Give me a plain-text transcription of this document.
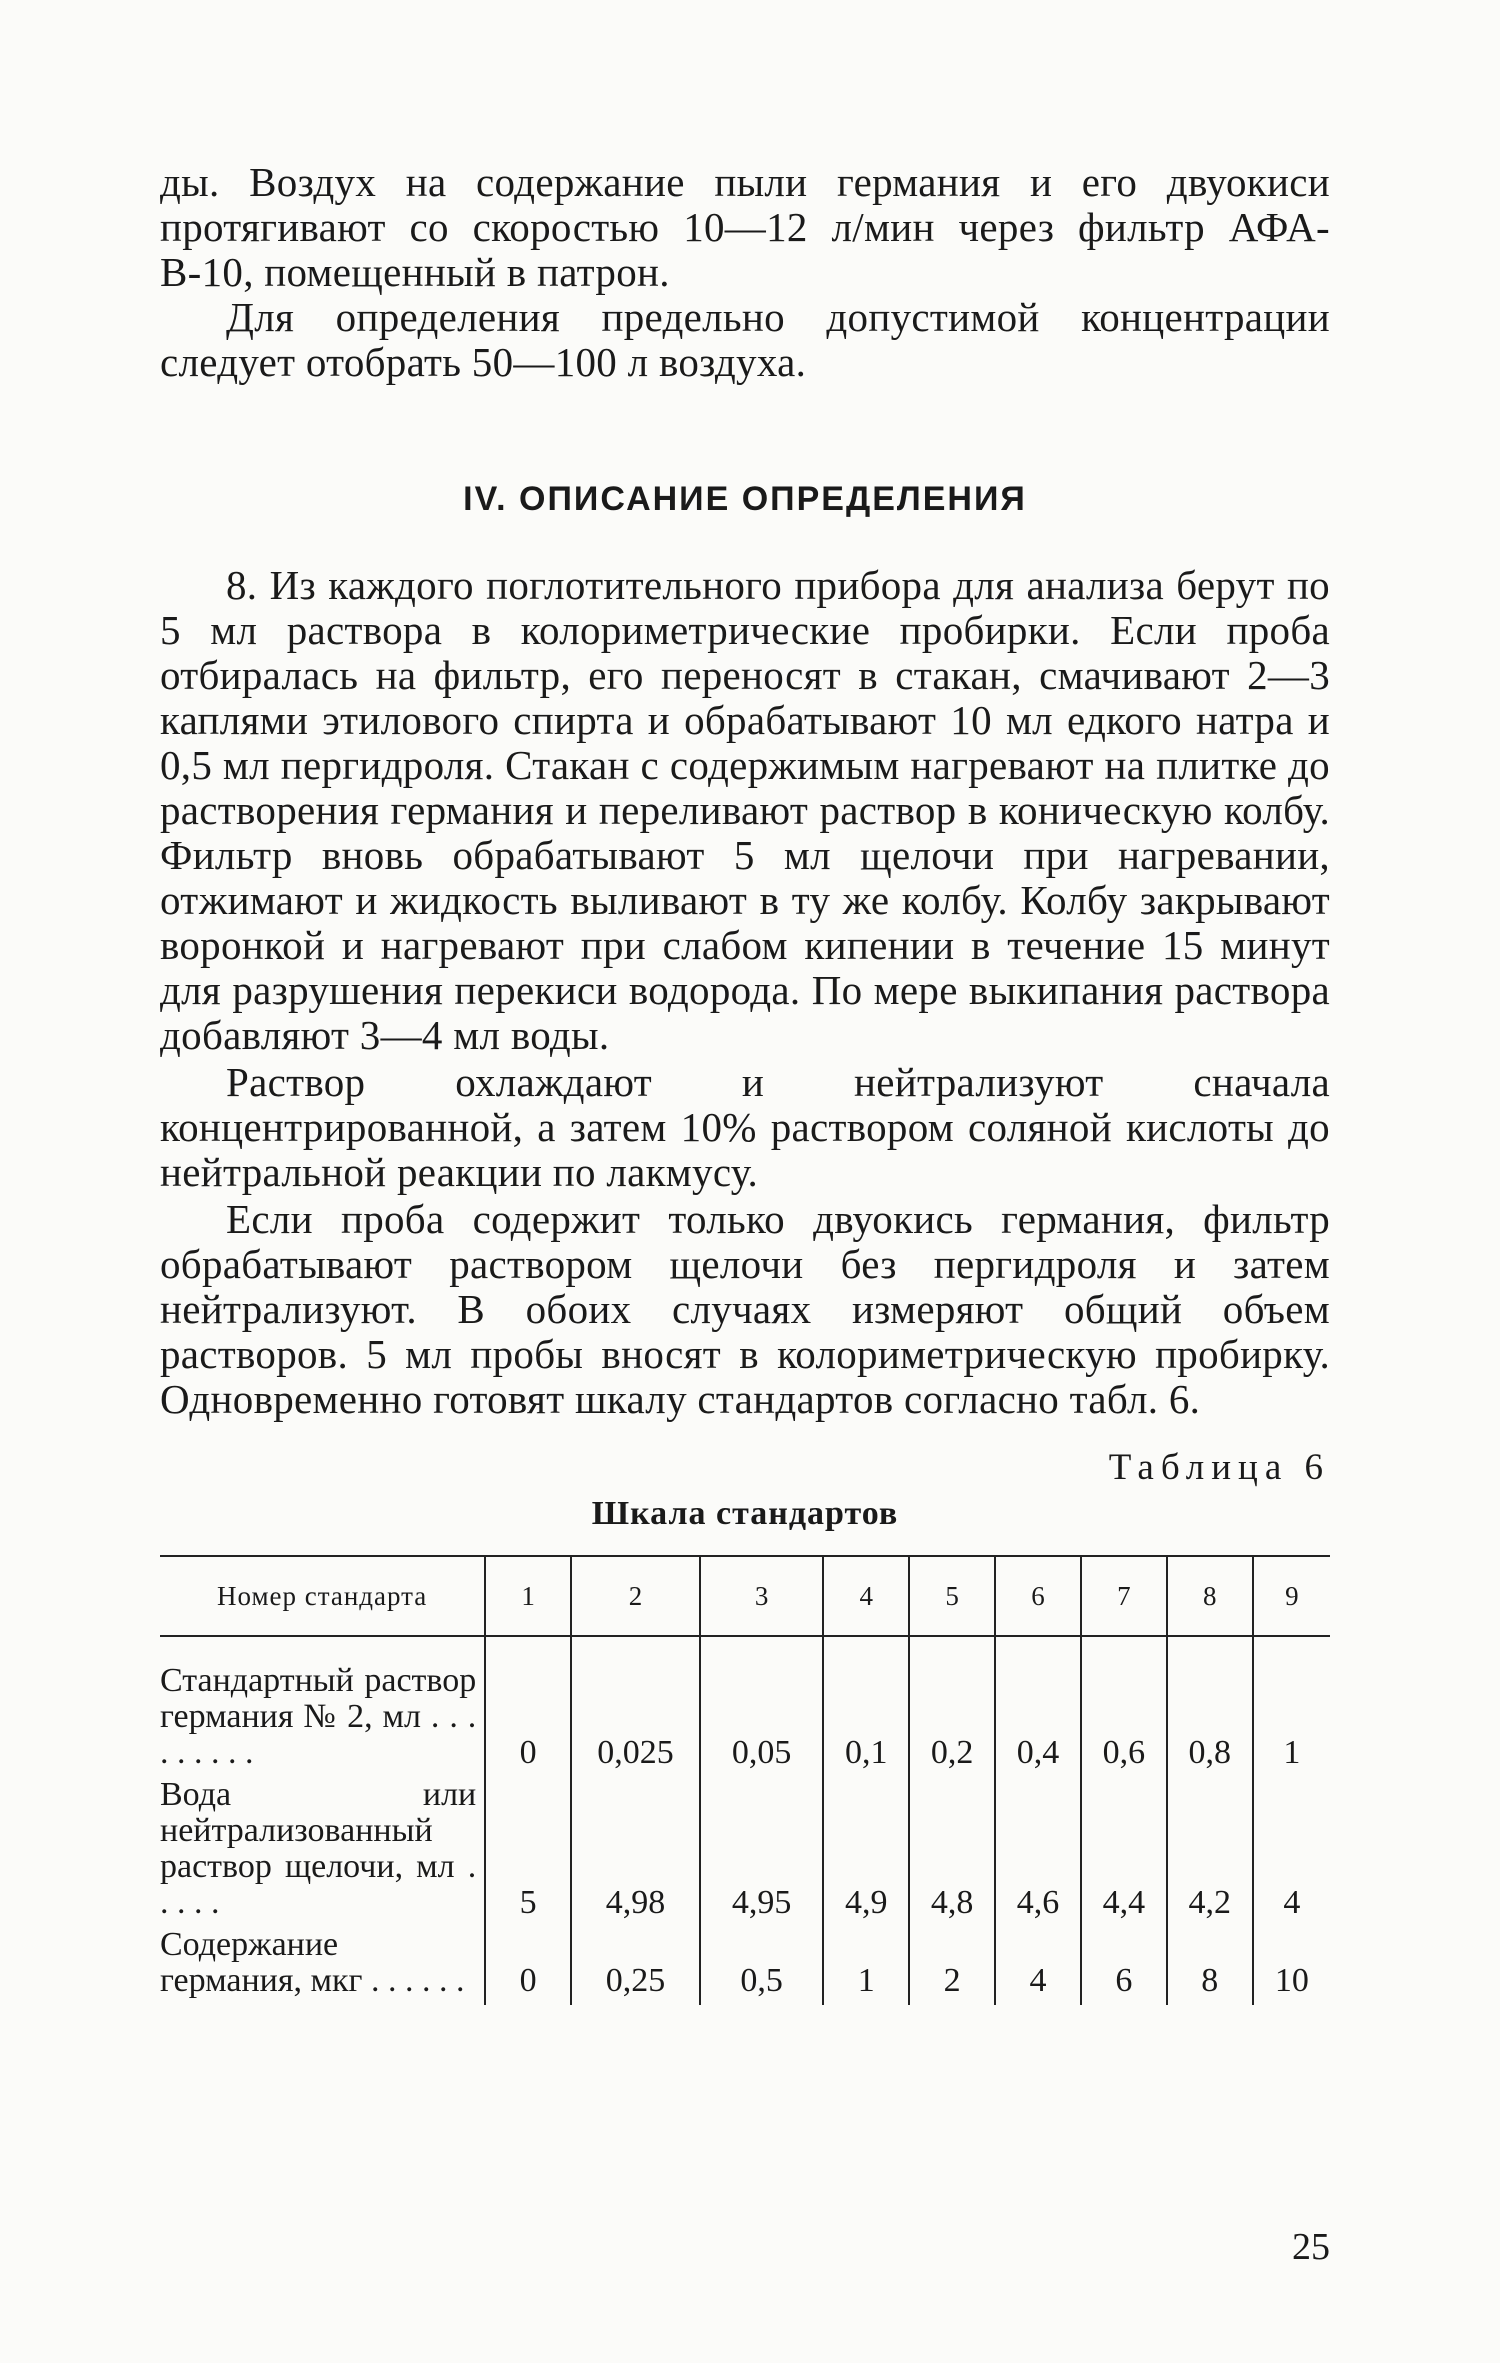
ды. Воздух на содержание пыли германия и его двуокиси протягивают со скоростью 10—12 л/мин через фильтр АФА-В-10, помещенный в патрон.

Для определения предельно допустимой концентрации следует отобрать 50—100 л воздуха.

IV. ОПИСАНИЕ ОПРЕДЕЛЕНИЯ

8. Из каждого поглотительного прибора для анализа берут по 5 мл раствора в колориметрические пробирки. Если проба отбиралась на фильтр, его переносят в стакан, смачивают 2—3 каплями этилового спирта и обрабатывают 10 мл едкого натра и 0,5 мл пергидроля. Стакан с содержимым нагревают на плитке до растворения германия и переливают раствор в коническую колбу. Фильтр вновь обрабатывают 5 мл щелочи при нагревании, отжимают и жидкость выливают в ту же колбу. Колбу закрывают воронкой и нагревают при слабом кипении в течение 15 минут для разрушения перекиси водорода. По мере выкипания раствора добавляют 3—4 мл воды.

Раствор охлаждают и нейтрализуют сначала концентрированной, а затем 10% раствором соляной кислоты до нейтральной реакции по лакмусу.

Если проба содержит только двуокись германия, фильтр обрабатывают раствором щелочи без пергидроля и затем нейтрализуют. В обоих случаях измеряют общий объем растворов. 5 мл пробы вносят в колориметрическую пробирку. Одновременно готовят шкалу стандартов согласно табл. 6.

Таблица 6
Шкала стандартов
Номер стандарта	1	2	3	4	5	6	7	8	9

Стандартный раствор германия № 2, мл . . . . . . . . .	0	0,025	0,05	0,1	0,2	0,4	0,6	0,8	1
Вода или нейтрализованный раствор щелочи, мл . . . . .	5	4,98	4,95	4,9	4,8	4,6	4,4	4,2	4
Содержание германия, мкг . . . . . .	0	0,25	0,5	1	2	4	6	8	10
25
